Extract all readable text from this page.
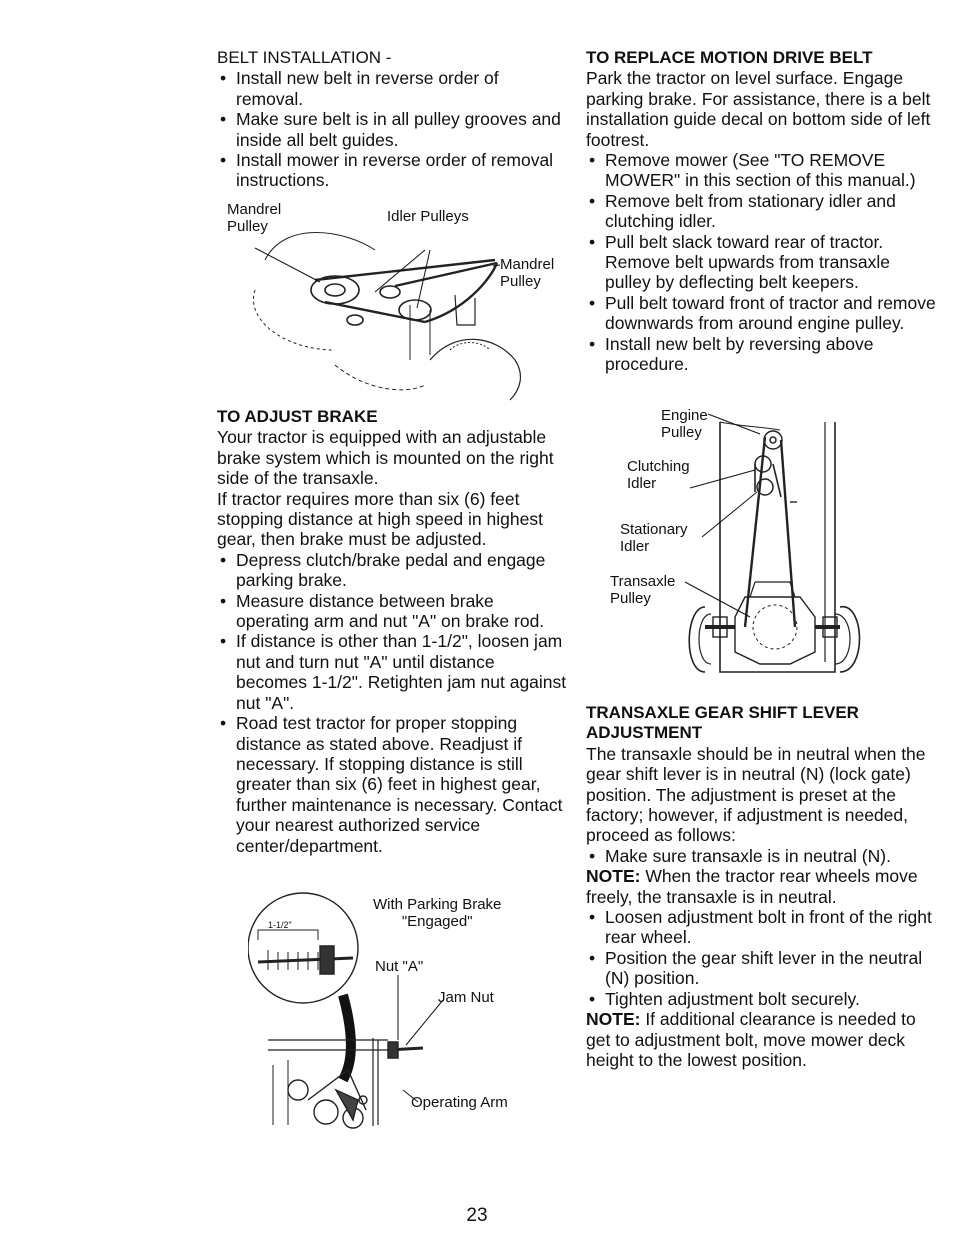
BELT INSTALLATION -
• Install new belt in reverse order of removal.
• Make sure belt is in all pulley grooves and inside all belt guides.
• Install mower in reverse order of removal instructions.
Mandrel
Pulley
Idler Pulleys
Mandrel
Pulley
TO ADJUST BRAKE

Your tractor is equipped with an adjustable brake system which is mounted on the right side of the transaxle.

If tractor requires more than six (6) feet stopping distance at high speed in highest gear, then brake must be adjusted.

• Depress clutch/brake pedal and engage parking brake.
• Measure distance between brake operating arm and nut "A" on brake rod.
• If distance is other than 1-1/2", loosen jam nut and turn nut "A" until distance becomes 1-1/2". Retighten jam nut against nut "A".
• Road test tractor for proper stopping distance as stated above. Readjust if necessary. If stopping distance is still greater than six (6) feet in highest gear, further maintenance is necessary. Contact your nearest authorized service center/department.
1-1/2"
With Parking Brake
"Engaged"
Nut "A"
Jam Nut
Operating Arm
TO REPLACE MOTION DRIVE BELT

Park the tractor on level surface. Engage parking brake. For assistance, there is a belt installation guide decal on bottom side of left footrest.

• Remove mower (See "TO REMOVE MOWER" in this section of this manual.)
• Remove belt from stationary idler and clutching idler.
• Pull belt slack toward rear of tractor. Remove belt upwards from transaxle pulley by deflecting belt keepers.
• Pull belt toward front of tractor and remove downwards from around engine pulley.
• Install new belt by reversing above procedure.
Engine
Pulley
Clutching
Idler
Stationary
Idler
Transaxle
Pulley
TRANSAXLE GEAR SHIFT LEVER ADJUSTMENT

The transaxle should be in neutral when the gear shift lever is in neutral (N) (lock gate) position. The adjustment is preset at the factory; however, if adjustment is needed, proceed as follows:

• Make sure transaxle is in neutral (N).

NOTE: When the tractor rear wheels move freely, the transaxle is in neutral.

• Loosen adjustment bolt in front of the right rear wheel.
• Position the gear shift lever in the neutral (N) position.
• Tighten adjustment bolt securely.

NOTE: If additional clearance is needed to get to adjustment bolt, move mower deck height to the lowest position.

23
